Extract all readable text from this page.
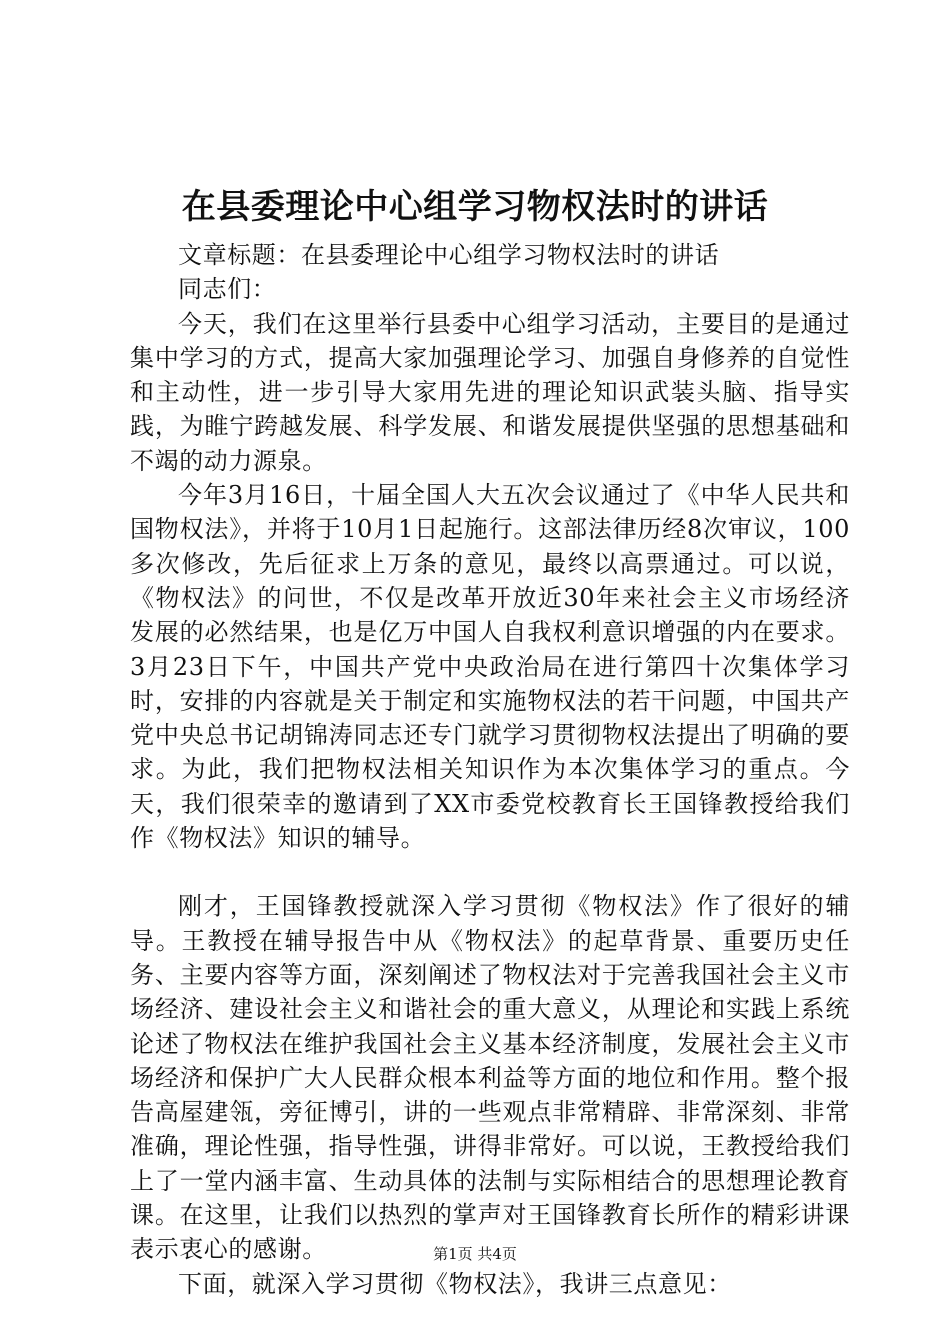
在县委理论中心组学习物权法时的讲话

文章标题：在县委理论中心组学习物权法时的讲话

同志们：

今天，我们在这里举行县委中心组学习活动，主要目的是通过集中学习的方式，提高大家加强理论学习、加强自身修养的自觉性和主动性，进一步引导大家用先进的理论知识武装头脑、指导实践，为睢宁跨越发展、科学发展、和谐发展提供坚强的思想基础和不竭的动力源泉。

今年3月16日，十届全国人大五次会议通过了《中华人民共和国物权法》，并将于10月1日起施行。这部法律历经8次审议，100多次修改，先后征求上万条的意见，最终以高票通过。可以说，《物权法》的问世，不仅是改革开放近30年来社会主义市场经济发展的必然结果，也是亿万中国人自我权利意识增强的内在要求。3月23日下午，中国共产党中央政治局在进行第四十次集体学习时，安排的内容就是关于制定和实施物权法的若干问题，中国共产党中央总书记胡锦涛同志还专门就学习贯彻物权法提出了明确的要求。为此，我们把物权法相关知识作为本次集体学习的重点。今天，我们很荣幸的邀请到了XX市委党校教育长王国锋教授给我们作《物权法》知识的辅导。

刚才，王国锋教授就深入学习贯彻《物权法》作了很好的辅导。王教授在辅导报告中从《物权法》的起草背景、重要历史任务、主要内容等方面，深刻阐述了物权法对于完善我国社会主义市场经济、建设社会主义和谐社会的重大意义，从理论和实践上系统论述了物权法在维护我国社会主义基本经济制度，发展社会主义市场经济和保护广大人民群众根本利益等方面的地位和作用。整个报告高屋建瓴，旁征博引，讲的一些观点非常精辟、非常深刻、非常准确，理论性强，指导性强，讲得非常好。可以说，王教授给我们上了一堂内涵丰富、生动具体的法制与实际相结合的思想理论教育课。在这里，让我们以热烈的掌声对王国锋教育长所作的精彩讲课表示衷心的感谢。

下面，就深入学习贯彻《物权法》，我讲三点意见：

第1页 共4页
